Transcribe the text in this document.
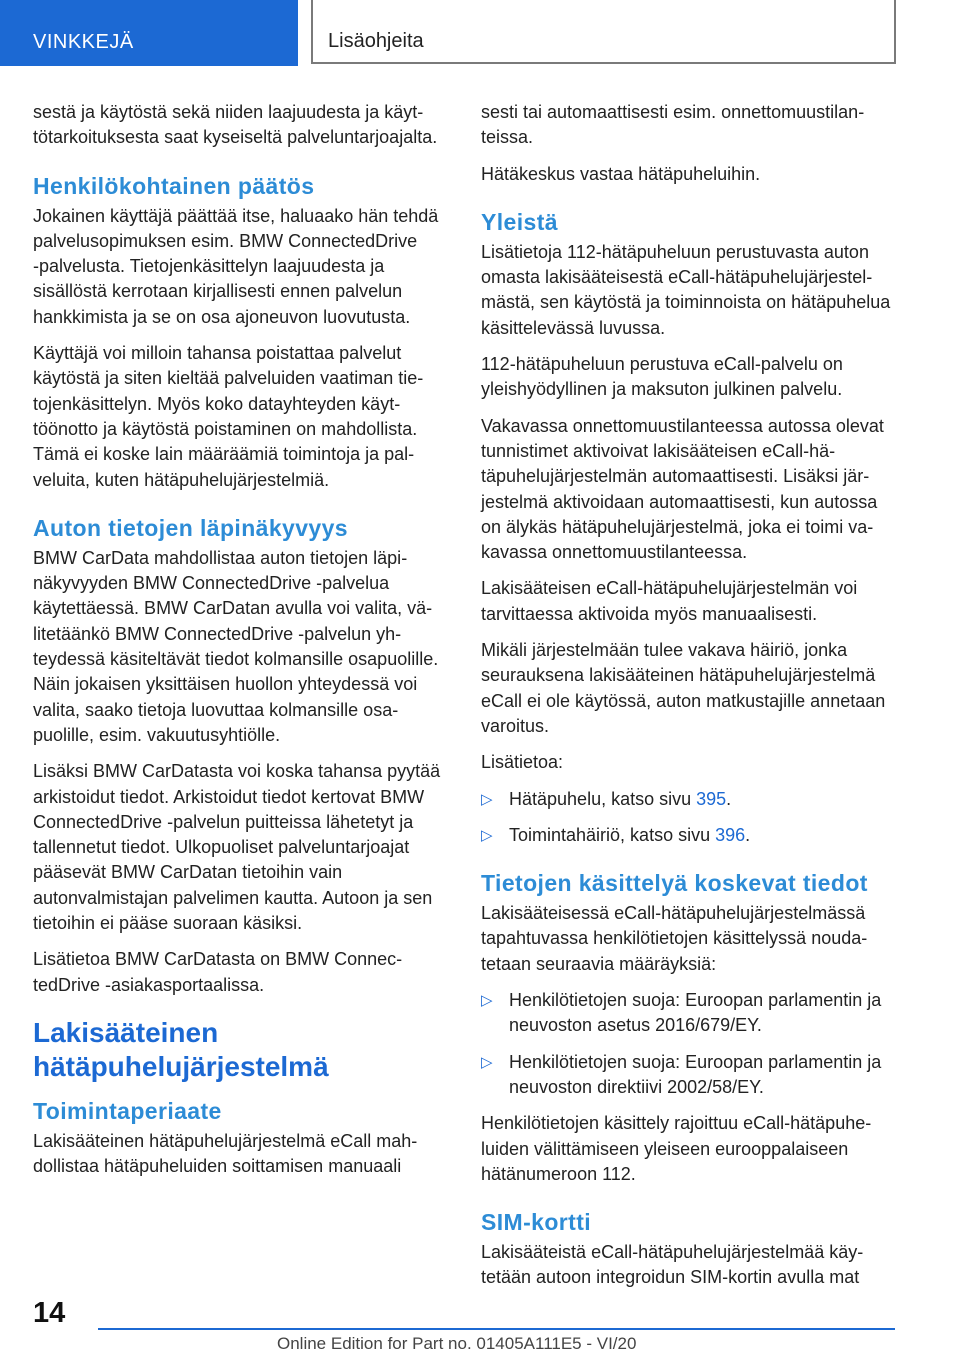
VINKKEJÄ	Lisäohjeita

sestä ja käytöstä sekä niiden laajuudesta ja käyttötarkoituksesta saat kyseiseltä palveluntarjoajalta.

Henkilökohtainen päätös

Jokainen käyttäjä päättää itse, haluaako hän tehdä palvelusopimuksen esim. BMW ConnectedDrive ‑palvelusta. Tietojenkäsittelyn laajuudesta ja sisällöstä kerrotaan kirjallisesti ennen palvelun hankkimista ja se on osa ajoneuvon luovutusta.

Käyttäjä voi milloin tahansa poistattaa palvelut käytöstä ja siten kieltää palveluiden vaatiman tietojenkäsittelyn. Myös koko datayhteyden käyttöönotto ja käytöstä poistaminen on mahdollista. Tämä ei koske lain määräämiä toimintoja ja palveluita, kuten hätäpuhelujärjestelmiä.

Auton tietojen läpinäkyvyys

BMW CarData mahdollistaa auton tietojen läpinäkyvyyden BMW ConnectedDrive ‑palvelua käytettäessä. BMW CarDatan avulla voi valita, välitetäänkö BMW ConnectedDrive ‑palvelun yhteydessä käsiteltävät tiedot kolmansille osapuolille. Näin jokaisen yksittäisen huollon yhteydessä voi valita, saako tietoja luovuttaa kolmansille osapuolille, esim. vakuutusyhtiölle.

Lisäksi BMW CarDatasta voi koska tahansa pyytää arkistoidut tiedot. Arkistoidut tiedot kertovat BMW ConnectedDrive ‑palvelun puitteissa lähetetyt ja tallennetut tiedot. Ulkopuoliset palveluntarjoajat pääsevät BMW CarDatan tietoihin vain autonvalmistajan palvelimen kautta. Autoon ja sen tietoihin ei pääse suoraan käsiksi.

Lisätietoa BMW CarDatasta on BMW ConnectedDrive ‑asiakasportaalissa.

Lakisääteinen hätäpuhelujärjestelmä
Toimintaperiaate

Lakisääteinen hätäpuhelujärjestelmä eCall mahdollistaa hätäpuheluiden soittamisen manuaali

sesti tai automaattisesti esim. onnettomuustilanteissa.

Hätäkeskus vastaa hätäpuheluihin.

Yleistä

Lisätietoja 112‑hätäpuheluun perustuvasta auton omasta lakisääteisestä eCall‑hätäpuhelujärjestelmästä, sen käytöstä ja toiminnoista on hätäpuhelua käsittelevässä luvussa.

112‑hätäpuheluun perustuva eCall‑palvelu on yleishyödyllinen ja maksuton julkinen palvelu.

Vakavassa onnettomuustilanteessa autossa olevat tunnistimet aktivoivat lakisääteisen eCall‑hätäpuhelujärjestelmän automaattisesti. Lisäksi järjestelmä aktivoidaan automaattisesti, kun autossa on älykäs hätäpuhelujärjestelmä, joka ei toimi vakavassa onnettomuustilanteessa.

Lakisääteisen eCall‑hätäpuhelujärjestelmän voi tarvittaessa aktivoida myös manuaalisesti.

Mikäli järjestelmään tulee vakava häiriö, jonka seurauksena lakisääteinen hätäpuhelujärjestelmä eCall ei ole käytössä, auton matkustajille annetaan varoitus.

Lisätietoa:

▷ Hätäpuhelu, katso sivu 395.
▷ Toimintahäiriö, katso sivu 396.
Tietojen käsittelyä koskevat tiedot

Lakisääteisessä eCall‑hätäpuhelujärjestelmässä tapahtuvassa henkilötietojen käsittelyssä noudatetaan seuraavia määräyksiä:

▷ Henkilötietojen suoja: Euroopan parlamentin ja neuvoston asetus 2016/679/EY.
▷ Henkilötietojen suoja: Euroopan parlamentin ja neuvoston direktiivi 2002/58/EY.

Henkilötietojen käsittely rajoittuu eCall‑hätäpuheluiden välittämiseen yleiseen eurooppalaiseen hätänumeroon 112.

SIM‑kortti

Lakisääteistä eCall‑hätäpuhelujärjestelmää käytetään autoon integroidun SIM‑kortin avulla mat

14
Online Edition for Part no. 01405A111E5 - VI/20
